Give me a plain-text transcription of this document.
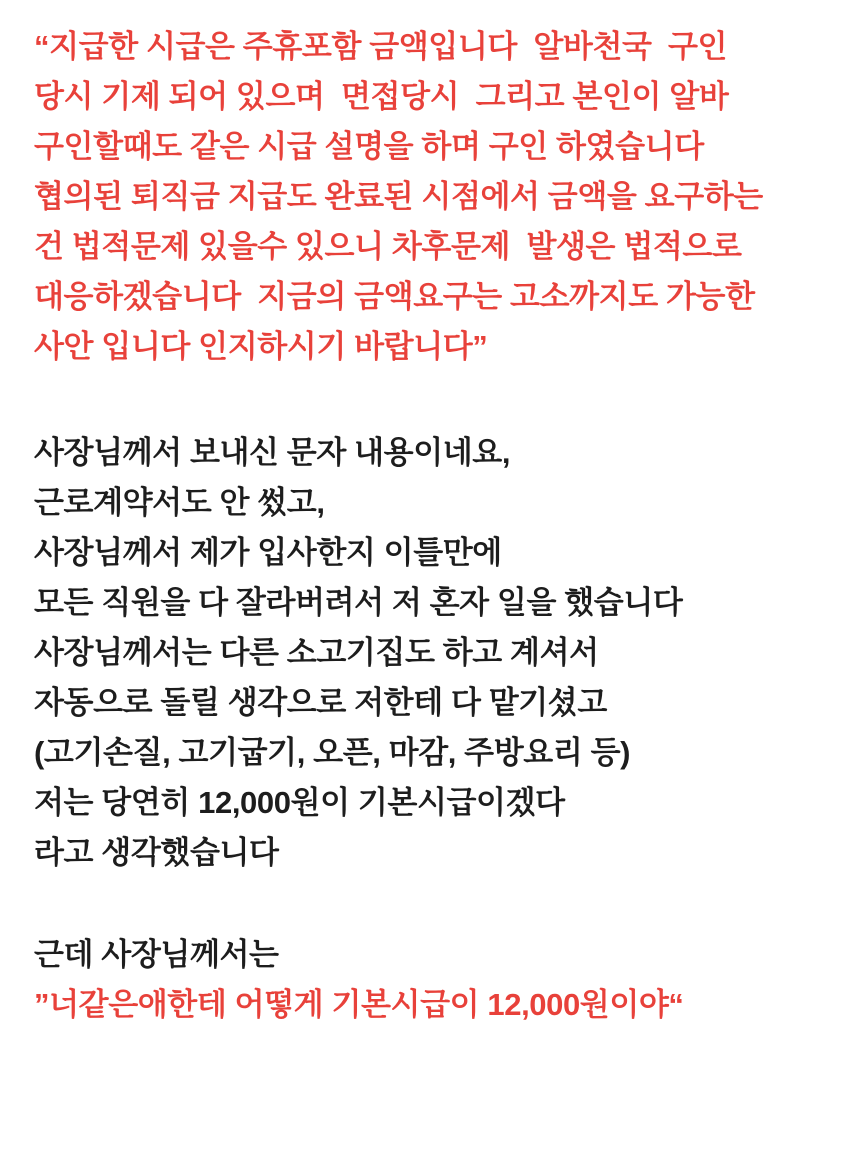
“지급한 시급은 주휴포함 금액입니다  알바천국  구인
당시 기제 되어 있으며  면접당시  그리고 본인이 알바
구인할때도 같은 시급 설명을 하며 구인 하였습니다
협의된 퇴직금 지급도 완료된 시점에서 금액을 요구하는
건 법적문제 있을수 있으니 차후문제  발생은 법적으로
대응하겠습니다  지금의 금액요구는 고소까지도 가능한
사안 입니다 인지하시기 바랍니다”
사장님께서 보내신 문자 내용이네요,
근로계약서도 안 썼고,
사장님께서 제가 입사한지 이틀만에
모든 직원을 다 잘라버려서 저 혼자 일을 했습니다
사장님께서는 다른 소고기집도 하고 계셔서
자동으로 돌릴 생각으로 저한테 다 맡기셨고
(고기손질, 고기굽기, 오픈, 마감, 주방요리 등)
저는 당연히 12,000원이 기본시급이겠다
라고 생각했습니다
근데 사장님께서는
”너같은애한테 어떻게 기본시급이 12,000원이야“
